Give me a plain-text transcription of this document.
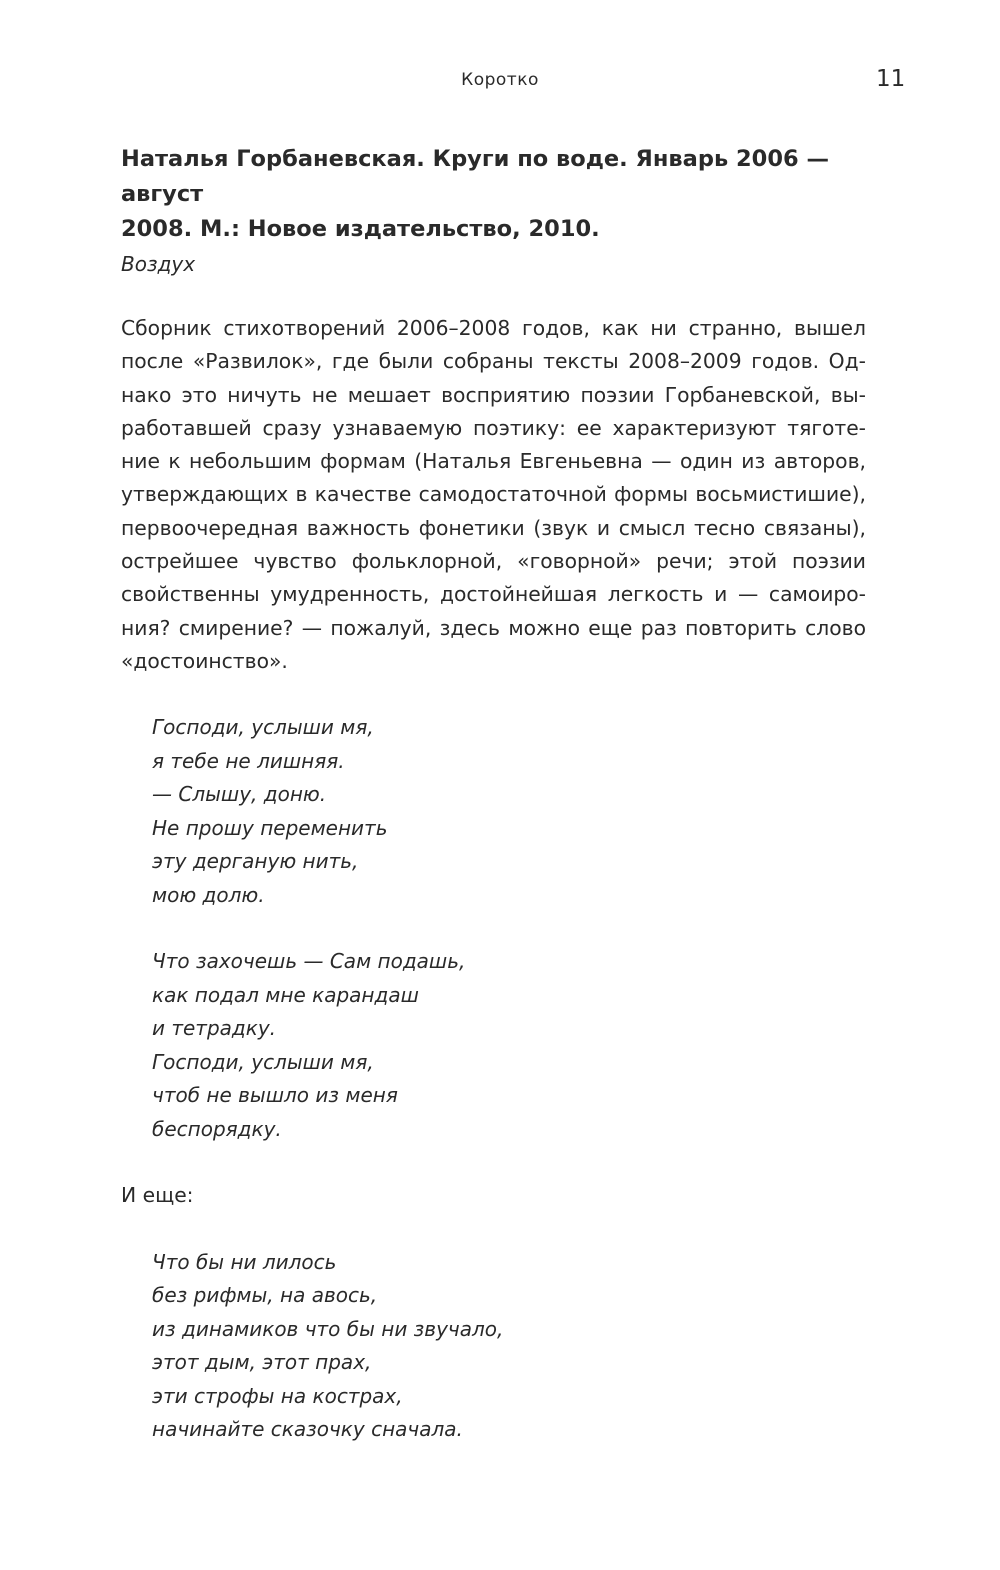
Коротко	11

Наталья Горбаневская. Круги по воде. Январь 2006 — август

2008. М.: Новое издательство, 2010.

Воздух

Сборник стихотворений 2006–2008 годов, как ни странно, вышел

после «Развилок», где были собраны тексты 2008–2009 годов. Од-

нако это ничуть не мешает восприятию поэзии Горбаневской, вы-

работавшей сразу узнаваемую поэтику: ее характеризуют тяготе-

ние к небольшим формам (Наталья Евгеньевна — один из авторов,

утверждающих в качестве самодостаточной формы восьмистишие),

первоочередная важность фонетики (звук и смысл тесно связаны),

острейшее чувство фольклорной, «говорной» речи; этой поэзии

свойственны умудренность, достойнейшая легкость и — самоиро-

ния? смирение? — пожалуй, здесь можно еще раз повторить слово

«достоинство».

Господи, услыши мя,

я тебе не лишняя.

— Слышу, доню.

Не прошу переменить

эту дерганую нить,

мою долю.

Что захочешь — Сам подашь,

как подал мне карандаш

и тетрадку.

Господи, услыши мя,

чтоб не вышло из меня

беспорядку.

И еще:

Что бы ни лилось

без рифмы, на авось,

из динамиков что бы ни звучало,

этот дым, этот прах,

эти строфы на кострах,

начинайте сказочку сначала.
